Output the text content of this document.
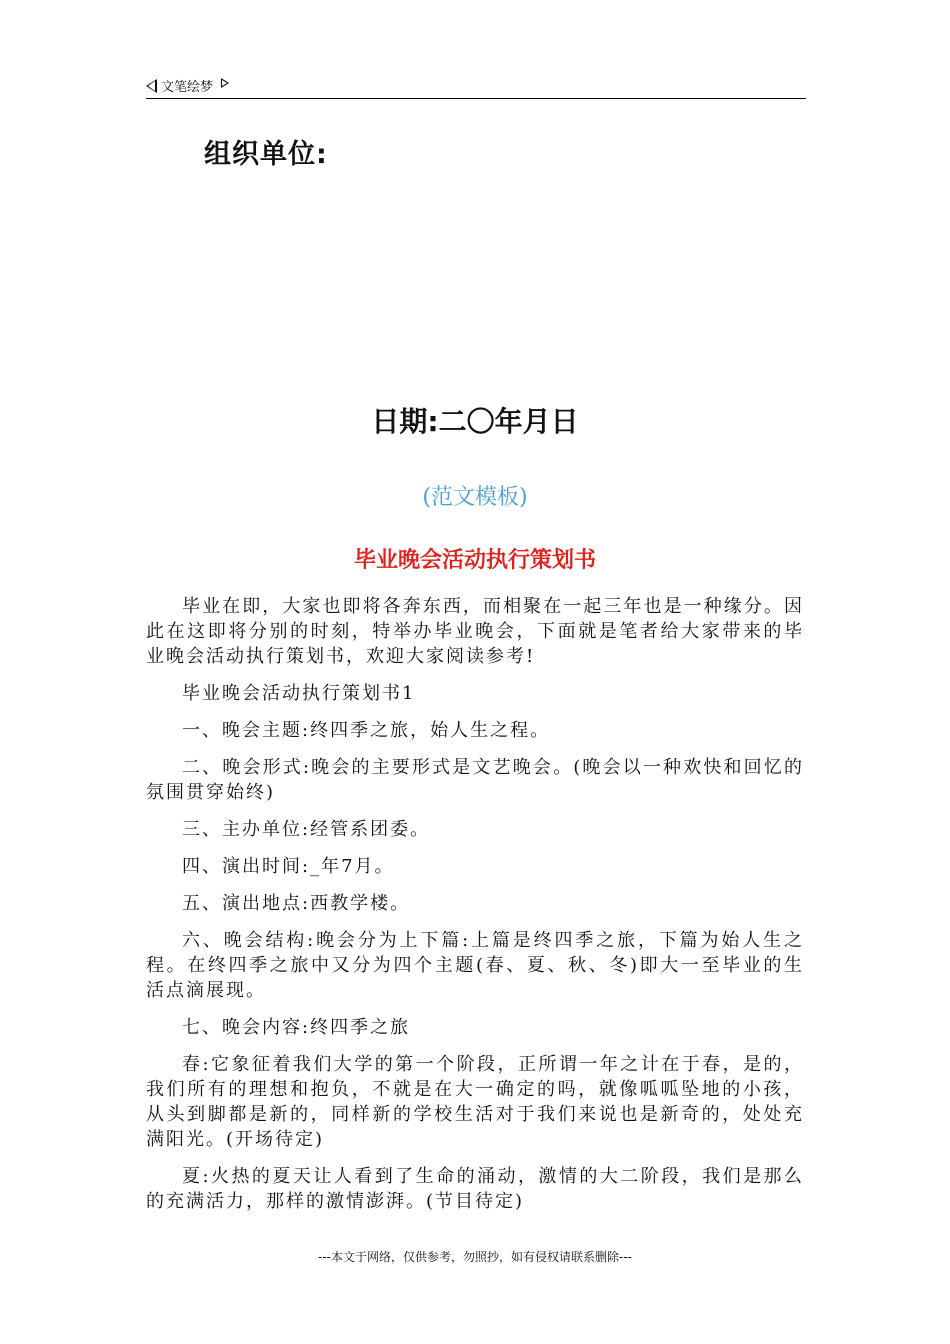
文笔绘梦
组织单位:
日期:二〇年月日
(范文模板)
毕业晚会活动执行策划书

毕业在即，大家也即将各奔东西，而相聚在一起三年也是一种缘分。因此在这即将分别的时刻，特举办毕业晚会，下面就是笔者给大家带来的毕业晚会活动执行策划书，欢迎大家阅读参考!

毕业晚会活动执行策划书1

一、晚会主题:终四季之旅，始人生之程。

二、晚会形式:晚会的主要形式是文艺晚会。(晚会以一种欢快和回忆的氛围贯穿始终)

三、主办单位:经管系团委。

四、演出时间:_年7月。

五、演出地点:西教学楼。

六、晚会结构:晚会分为上下篇:上篇是终四季之旅，下篇为始人生之程。在终四季之旅中又分为四个主题(春、夏、秋、冬)即大一至毕业的生活点滴展现。

七、晚会内容:终四季之旅

春:它象征着我们大学的第一个阶段，正所谓一年之计在于春，是的，我们所有的理想和抱负，不就是在大一确定的吗，就像呱呱坠地的小孩，从头到脚都是新的，同样新的学校生活对于我们来说也是新奇的，处处充满阳光。(开场待定)

夏:火热的夏天让人看到了生命的涌动，激情的大二阶段，我们是那么的充满活力，那样的激情澎湃。(节目待定)

---本文于网络，仅供参考，勿照抄，如有侵权请联系删除---
